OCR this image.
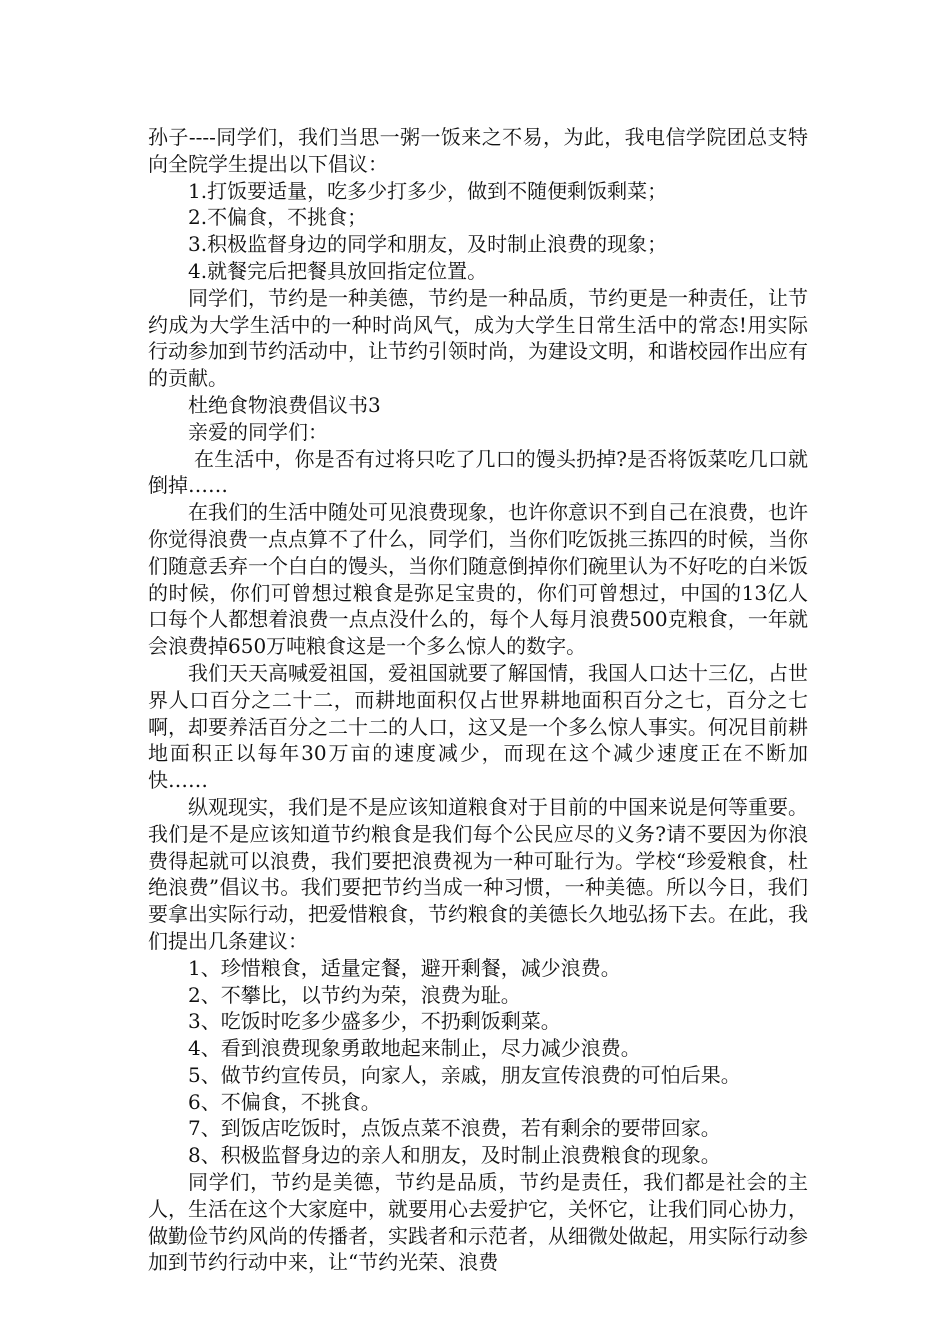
孙子----同学们，我们当思一粥一饭来之不易，为此，我电信学院团总支特向全院学生提出以下倡议：

1.打饭要适量，吃多少打多少，做到不随便剩饭剩菜；

2.不偏食，不挑食；

3.积极监督身边的同学和朋友，及时制止浪费的现象；

4.就餐完后把餐具放回指定位置。

同学们，节约是一种美德，节约是一种品质，节约更是一种责任，让节约成为大学生活中的一种时尚风气，成为大学生日常生活中的常态!用实际行动参加到节约活动中，让节约引领时尚，为建设文明，和谐校园作出应有的贡献。

杜绝食物浪费倡议书3

亲爱的同学们：

在生活中，你是否有过将只吃了几口的馒头扔掉?是否将饭菜吃几口就倒掉……

在我们的生活中随处可见浪费现象，也许你意识不到自己在浪费，也许你觉得浪费一点点算不了什么，同学们，当你们吃饭挑三拣四的时候，当你们随意丢弃一个白白的馒头，当你们随意倒掉你们碗里认为不好吃的白米饭的时候，你们可曾想过粮食是弥足宝贵的，你们可曾想过，中国的13亿人口每个人都想着浪费一点点没什么的，每个人每月浪费500克粮食，一年就会浪费掉650万吨粮食这是一个多么惊人的数字。

我们天天高喊爱祖国，爱祖国就要了解国情，我国人口达十三亿，占世界人口百分之二十二，而耕地面积仅占世界耕地面积百分之七，百分之七啊，却要养活百分之二十二的人口，这又是一个多么惊人事实。何况目前耕地面积正以每年30万亩的速度减少，而现在这个减少速度正在不断加快……

纵观现实，我们是不是应该知道粮食对于目前的中国来说是何等重要。我们是不是应该知道节约粮食是我们每个公民应尽的义务?请不要因为你浪费得起就可以浪费，我们要把浪费视为一种可耻行为。学校“珍爱粮食，杜绝浪费”倡议书。我们要把节约当成一种习惯，一种美德。所以今日，我们要拿出实际行动，把爱惜粮食，节约粮食的美德长久地弘扬下去。在此，我们提出几条建议：

1、珍惜粮食，适量定餐，避开剩餐，减少浪费。

2、不攀比，以节约为荣，浪费为耻。

3、吃饭时吃多少盛多少，不扔剩饭剩菜。

4、看到浪费现象勇敢地起来制止，尽力减少浪费。

5、做节约宣传员，向家人，亲戚，朋友宣传浪费的可怕后果。

6、不偏食，不挑食。

7、到饭店吃饭时，点饭点菜不浪费，若有剩余的要带回家。

8、积极监督身边的亲人和朋友，及时制止浪费粮食的现象。

同学们，节约是美德，节约是品质，节约是责任，我们都是社会的主人，生活在这个大家庭中，就要用心去爱护它，关怀它，让我们同心协力，做勤俭节约风尚的传播者，实践者和示范者，从细微处做起，用实际行动参加到节约行动中来，让“节约光荣、浪费
